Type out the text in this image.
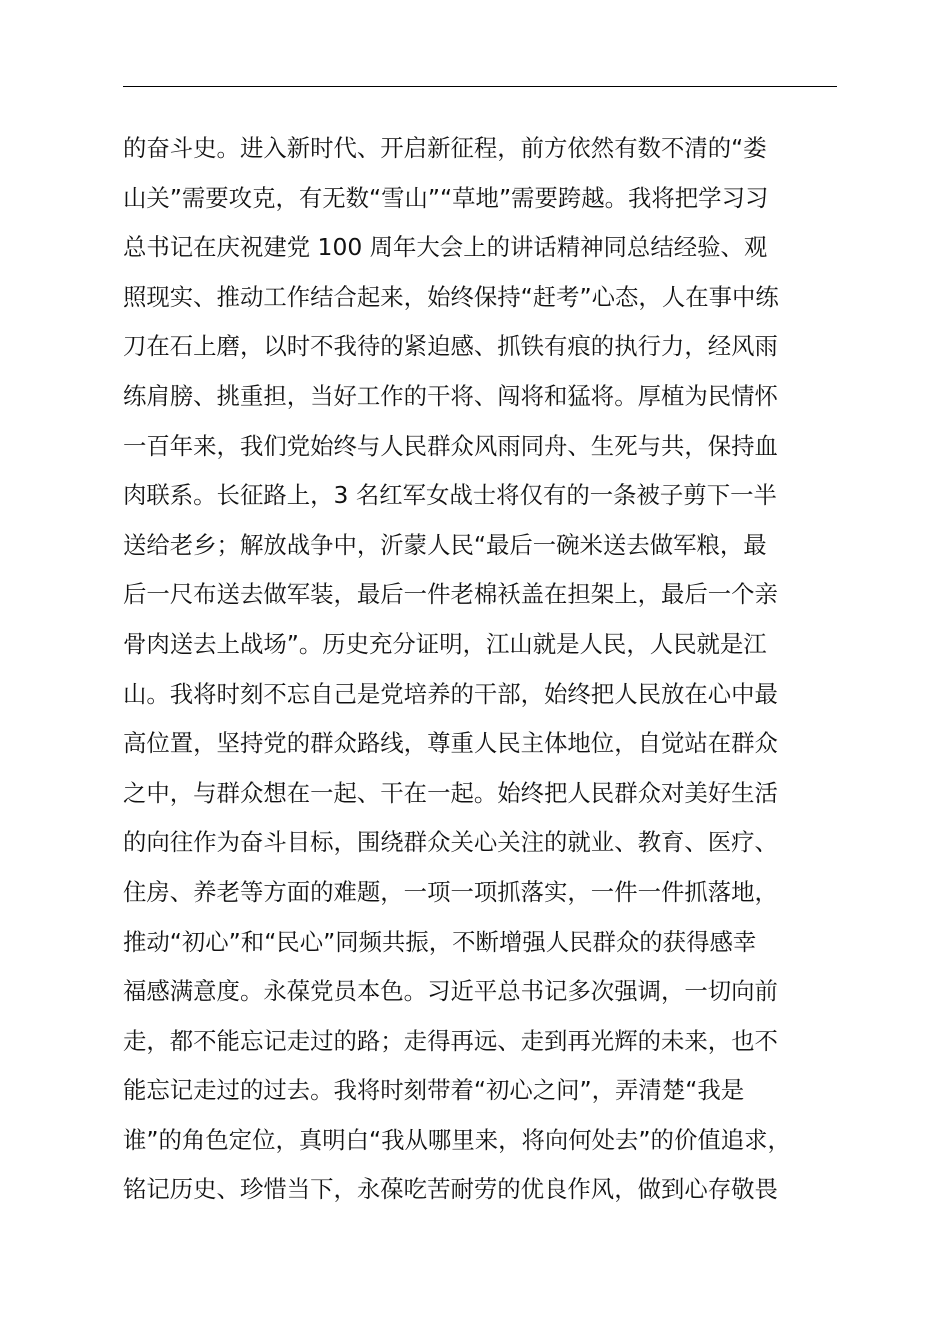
的奋斗史。进入新时代、开启新征程，前方依然有数不清的“娄
山关”需要攻克，有无数“雪山”“草地”需要跨越。我将把学习习
总书记在庆祝建党 100 周年大会上的讲话精神同总结经验、观
照现实、推动工作结合起来，始终保持“赶考”心态，人在事中练
刀在石上磨，以时不我待的紧迫感、抓铁有痕的执行力，经风雨
练肩膀、挑重担，当好工作的干将、闯将和猛将。厚植为民情怀
一百年来，我们党始终与人民群众风雨同舟、生死与共，保持血
肉联系。长征路上，3 名红军女战士将仅有的一条被子剪下一半
送给老乡；解放战争中，沂蒙人民“最后一碗米送去做军粮，最
后一尺布送去做军装，最后一件老棉袄盖在担架上，最后一个亲
骨肉送去上战场”。历史充分证明，江山就是人民，人民就是江
山。我将时刻不忘自己是党培养的干部，始终把人民放在心中最
高位置，坚持党的群众路线，尊重人民主体地位，自觉站在群众
之中，与群众想在一起、干在一起。始终把人民群众对美好生活
的向往作为奋斗目标，围绕群众关心关注的就业、教育、医疗、
住房、养老等方面的难题，一项一项抓落实，一件一件抓落地，
推动“初心”和“民心”同频共振，不断增强人民群众的获得感幸
福感满意度。永葆党员本色。习近平总书记多次强调，一切向前
走，都不能忘记走过的路；走得再远、走到再光辉的未来，也不
能忘记走过的过去。我将时刻带着“初心之问”，弄清楚“我是
谁”的角色定位，真明白“我从哪里来，将向何处去”的价值追求，
铭记历史、珍惜当下，永葆吃苦耐劳的优良作风，做到心存敬畏
